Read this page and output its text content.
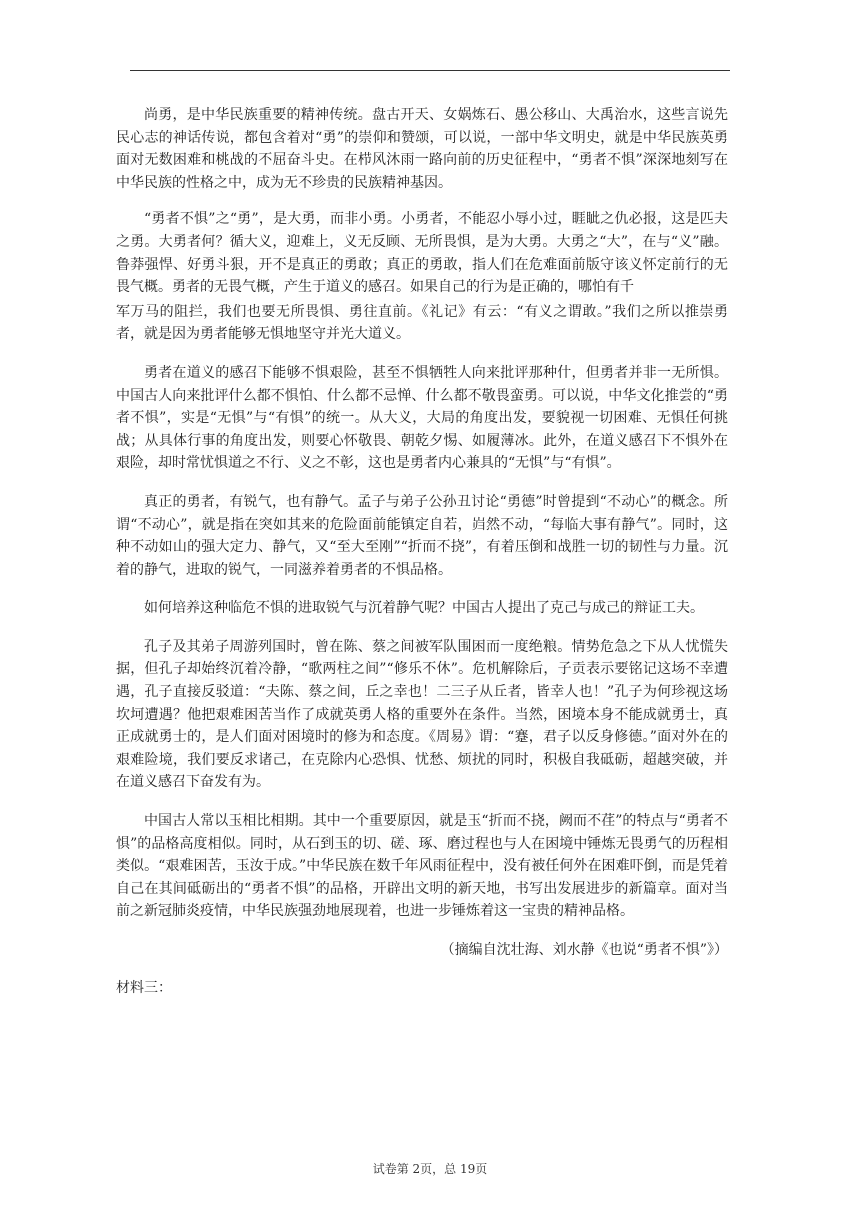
尚勇，是中华民族重要的精神传统。盘古开天、女娲炼石、愚公移山、大禹治水，这些言说先民心志的神话传说，都包含着对“勇”的崇仰和赞颂，可以说，一部中华文明史，就是中华民族英勇面对无数困难和桃战的不屈奋斗史。在栉风沐雨一路向前的历史征程中，“勇者不惧”深深地刻写在中华民族的性格之中，成为无不珍贵的民族精神基因。

“勇者不惧”之“勇”，是大勇，而非小勇。小勇者，不能忍小辱小过，睚眦之仇必报，这是匹夫之勇。大勇者何？循大义，迎难上，义无反顾、无所畏惧，是为大勇。大勇之“大”，在与“义”融。鲁莽强悍、好勇斗狠，开不是真正的勇敢；真正的勇敢，指人们在危难面前版守该义怀定前行的无畏气概。勇者的无畏气概，产生于道义的感召。如果自己的行为是正确的，哪怕有千

军万马的阻拦，我们也要无所畏惧、勇往直前。《礼记》有云：“有义之谓敢。”我们之所以推崇勇者，就是因为勇者能够无惧地坚守并光大道义。

勇者在道义的感召下能够不惧艰险，甚至不惧牺牲人向来批评那种什，但勇者并非一无所惧。中国古人向来批评什么都不惧怕、什么都不忌惮、什么都不敬畏蛮勇。可以说，中华文化推尝的“勇者不惧”，实是“无惧”与“有惧”的统一。从大义，大局的角度出发，要貌视一切困难、无惧任何挑战；从具体行事的角度出发，则要心怀敬畏、朝乾夕惕、如履薄冰。此外，在道义感召下不惧外在艰险，却时常忧惧道之不行、义之不彰，这也是勇者内心兼具的“无惧”与“有惧”。

真正的勇者，有锐气，也有静气。孟子与弟子公孙丑讨论“勇德”时曾提到“不动心”的概念。所谓“不动心”，就是指在突如其来的危险面前能镇定自若，岿然不动，“每临大事有静气”。同时，这种不动如山的强大定力、静气，又“至大至刚”“折而不挠”，有着压倒和战胜一切的韧性与力量。沉着的静气，进取的锐气，一同滋养着勇者的不惧品格。

如何培养这种临危不惧的进取锐气与沉着静气呢？中国古人提出了克己与成己的辩证工夫。

孔子及其弟子周游列国时，曾在陈、蔡之间被军队围困而一度绝粮。情势危急之下从人忧慌失据，但孔子却始终沉着冷静，“歌两柱之间”“修乐不休”。危机解除后，子贡表示要铭记这场不幸遭遇，孔子直接反驳道：“夫陈、蔡之间，丘之幸也！二三子从丘者，皆幸人也！”孔子为何珍视这场坎坷遭遇？他把艰难困苦当作了成就英勇人格的重要外在条件。当然，困境本身不能成就勇士，真正成就勇士的，是人们面对困境时的修为和态度。《周易》谓：“蹇，君子以反身修德。”面对外在的艰难险境，我们要反求诸己，在克除内心恐惧、忧愁、烦扰的同时，积极自我砥砺，超越突破，并在道义感召下奋发有为。

中国古人常以玉相比相期。其中一个重要原因，就是玉“折而不挠，阙而不荏”的特点与“勇者不惧”的品格高度相似。同时，从石到玉的切、磋、琢、磨过程也与人在困境中锤炼无畏勇气的历程相类似。“艰难困苦，玉汝于成。”中华民族在数千年风雨征程中，没有被任何外在困难吓倒，而是凭着自己在其间砥砺出的“勇者不惧”的品格，开辟出文明的新天地，书写出发展进步的新篇章。面对当前之新冠肺炎疫情，中华民族强劲地展现着，也进一步锤炼着这一宝贵的精神品格。

（摘编自沈壮海、刘水静《也说“勇者不惧”》）

材料三：

试卷第 2页，总 19页
